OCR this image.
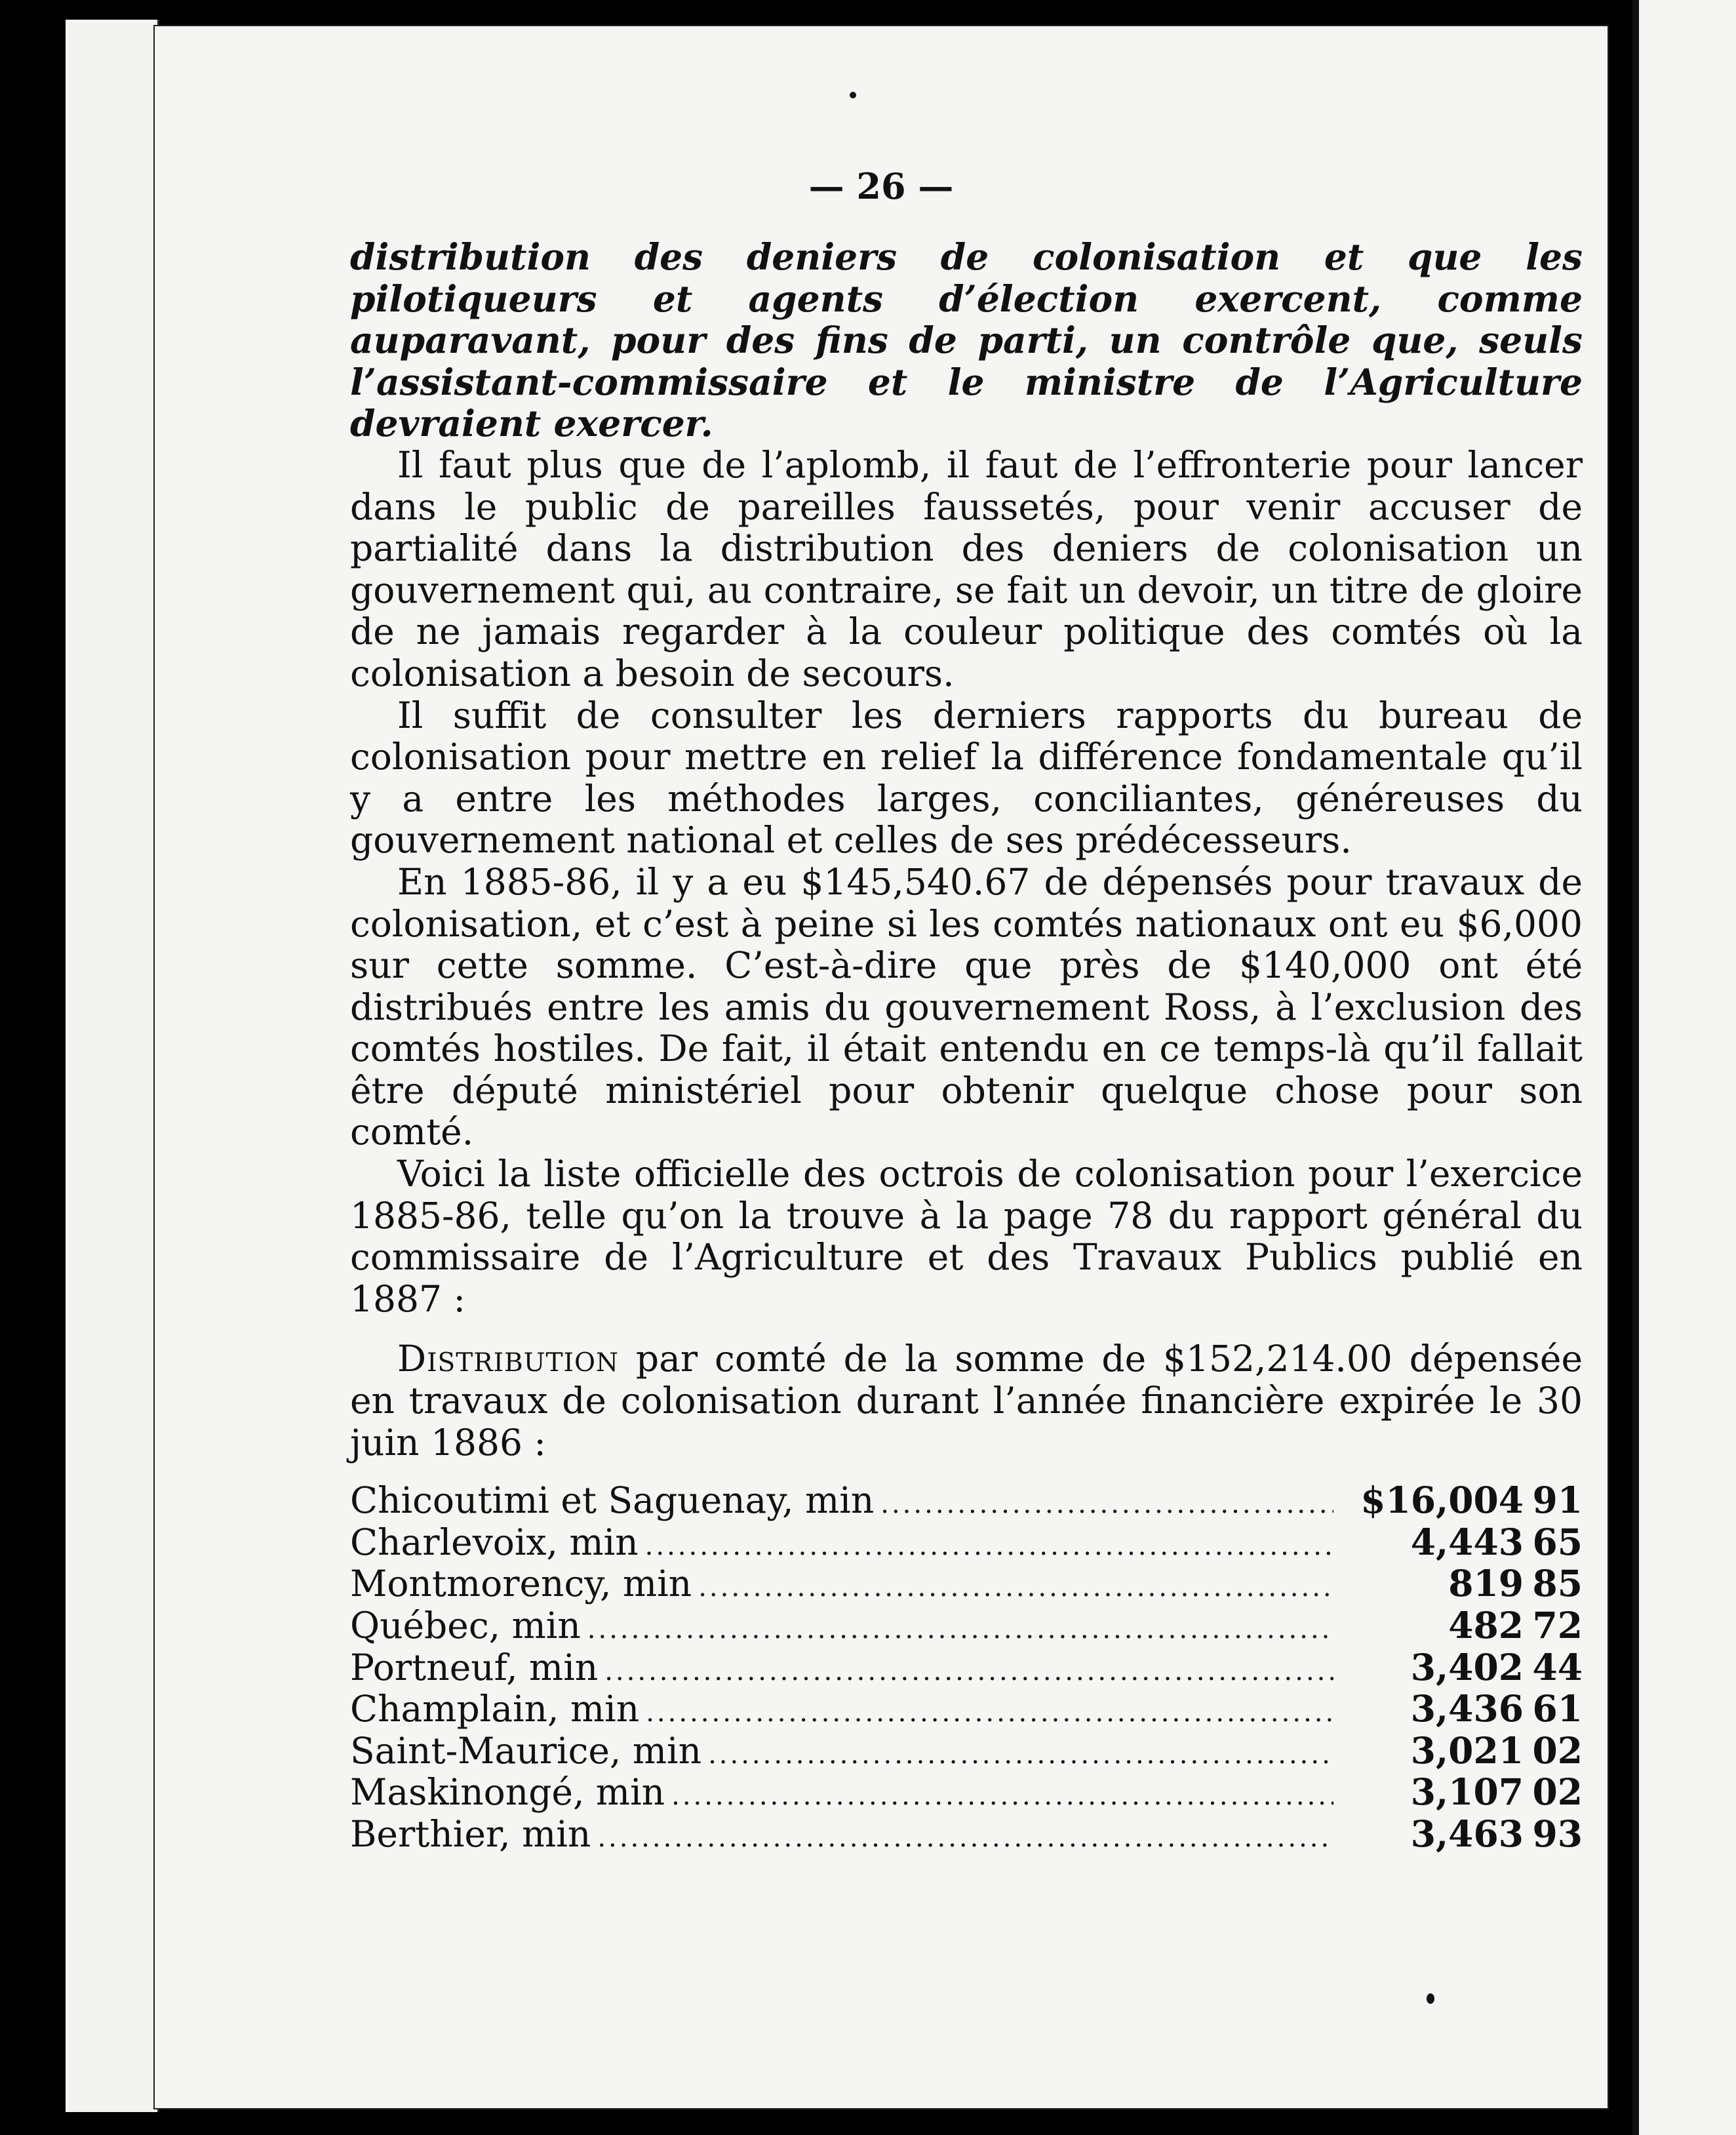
— 26 —

distribution des deniers de colonisation et que les pilotiqueurs et agents d’élection exercent, comme auparavant, pour des fins de parti, un contrôle que, seuls l’assistant-commissaire et le ministre de l’Agriculture devraient exercer.

Il faut plus que de l’aplomb, il faut de l’effronterie pour lancer dans le public de pareilles faussetés, pour venir accuser de partialité dans la distribution des deniers de colonisation un gouvernement qui, au contraire, se fait un devoir, un titre de gloire de ne jamais regarder à la couleur politique des comtés où la colonisation a besoin de secours.

Il suffit de consulter les derniers rapports du bureau de colonisation pour mettre en relief la différence fondamentale qu’il y a entre les méthodes larges, conciliantes, généreuses du gouvernement national et celles de ses prédécesseurs.

En 1885-86, il y a eu $145,540.67 de dépensés pour travaux de colonisation, et c’est à peine si les comtés nationaux ont eu $6,000 sur cette somme. C’est-à-dire que près de $140,000 ont été distribués entre les amis du gouvernement Ross, à l’exclusion des comtés hostiles. De fait, il était entendu en ce temps-là qu’il fallait être député ministériel pour obtenir quelque chose pour son comté.

Voici la liste officielle des octrois de colonisation pour l’exercice 1885-86, telle qu’on la trouve à la page 78 du rapport général du commissaire de l’Agriculture et des Travaux Publics publié en 1887 :

Distribution par comté de la somme de $152,214.00 dépensée en travaux de colonisation durant l’année financière expirée le 30 juin 1886 :

Chicoutimi et Saguenay, min .....	$16,004 91
Charlevoix, min .....	4,443 65
Montmorency, min .....	819 85
Québec, min .....	482 72
Portneuf, min .....	3,402 44
Champlain, min .....	3,436 61
Saint-Maurice, min .....	3,021 02
Maskinongé, min .....	3,107 02
Berthier, min .....	3,463 93
